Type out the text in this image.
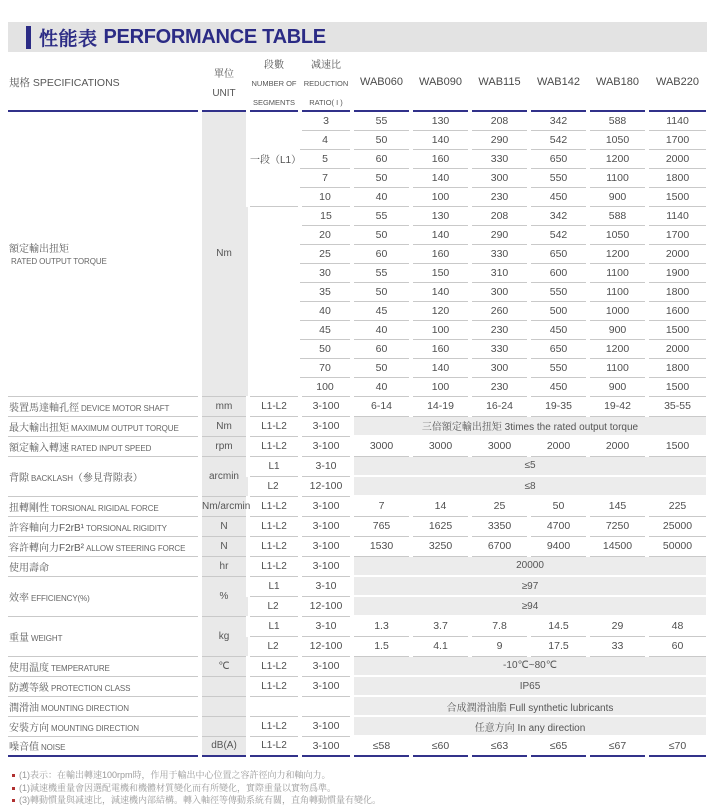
性能表 PERFORMANCE TABLE
規格 SPECIFICATIONS	單位
UNIT	段數
NUMBER OF
SEGMENTS	减速比
REDUCTION
RATIO( I )	WAB060	WAB090	WAB115	WAB142	WAB180	WAB220
額定輸出扭矩
RATED OUTPUT TORQUE	Nm	一段（L1）	3	55	130	208	342	588	1140
			4	50	140	290	542	1050	1700
			5	60	160	330	650	1200	2000
			7	50	140	300	550	1100	1800
			10	40	100	230	450	900	1500
			15	55	130	208	342	588	1140
			20	50	140	290	542	1050	1700
			25	60	160	330	650	1200	2000
			30	55	150	310	600	1100	1900
			35	50	140	300	550	1100	1800
			40	45	120	260	500	1000	1600
			45	40	100	230	450	900	1500
			50	60	160	330	650	1200	2000
			70	50	140	300	550	1100	1800
			100	40	100	230	450	900	1500
裝置馬達軸孔徑 DEVICE MOTOR SHAFT	mm	L1-L2	3-100	6-14	14-19	16-24	19-35	19-42	35-55
最大輸出扭矩 MAXIMUM OUTPUT TORQUE	Nm	L1-L2	3-100	三倍額定輸出扭矩 3times the rated output torque					
額定輸入轉速 RATED INPUT SPEED	rpm	L1-L2	3-100	3000	3000	3000	2000	2000	1500
背隙 BACKLASH（參見背隙表）	arcmin	L1	3-10	≤5					
		L2	12-100	≤8					
扭轉剛性 TORSIONAL RIGIDAL FORCE	Nm/arcmin	L1-L2	3-100	7	14	25	50	145	225
許容軸向力F2rB¹ TORSIONAL RIGIDITY	N	L1-L2	3-100	765	1625	3350	4700	7250	25000
容許轉向力F2rB² ALLOW STEERING FORCE	N	L1-L2	3-100	1530	3250	6700	9400	14500	50000
使用壽命	hr	L1-L2	3-100	20000					
效率 EFFICIENCY(%)	%	L1	3-10	≥97					
		L2	12-100	≥94					
重量 WEIGHT	kg	L1	3-10	1.3	3.7	7.8	14.5	29	48
		L2	12-100	1.5	4.1	9	17.5	33	60
使用温度 TEMPERATURE	℃	L1-L2	3-100	-10℃~80℃					
防護等級 PROTECTION CLASS		L1-L2	3-100	IP65					
潤滑油 MOUNTING DIRECTION				合成潤滑油脂 Full synthetic lubricants					
安裝方向 MOUNTING DIRECTION		L1-L2	3-100	任意方向 In any direction					
噪音值 NOISE	dB(A)	L1-L2	3-100	≤58	≤60	≤63	≤65	≤67	≤70
(1)表示：在輸出轉速100rpm時，作用于輸出中心位置之容許徑向力和軸向力。
(1)減速機重量會因選配電機和機體材質變化而有所變化，實際重量以實物爲準。
(3)轉動慣量與减速比，減速機内部結構。轉入軸徑等傳動系統有關，直角轉動慣量有變化。
